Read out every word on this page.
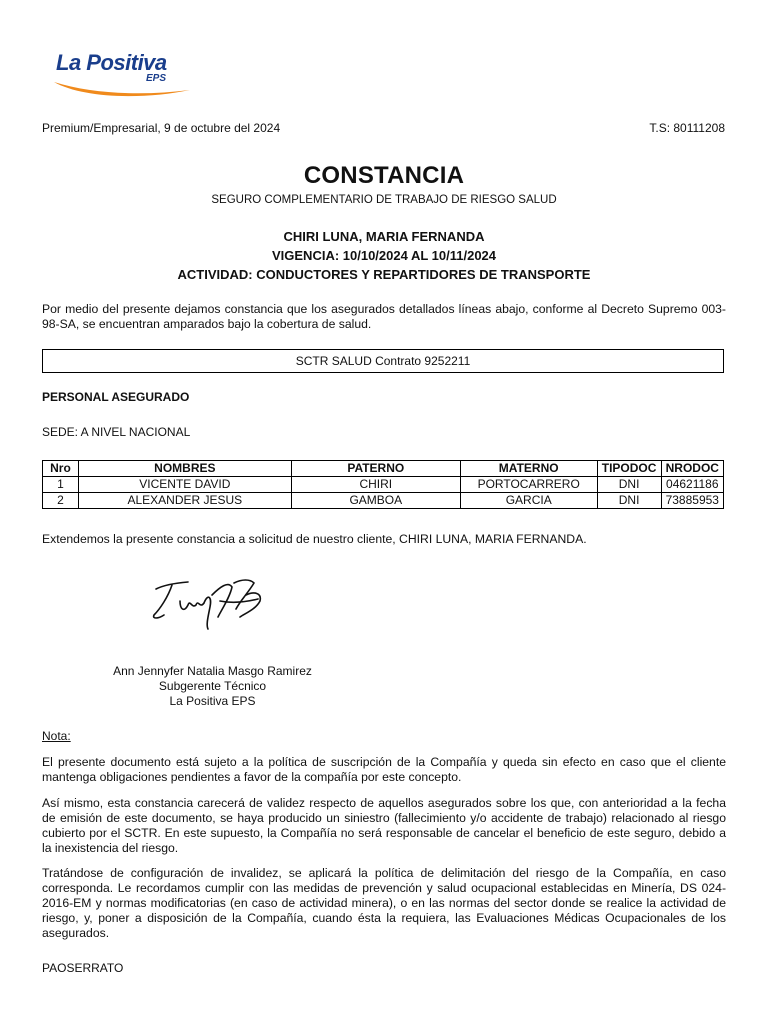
La Positiva
EPS
Premium/Empresarial, 9 de octubre del 2024	T.S: 80111208
CONSTANCIA
SEGURO COMPLEMENTARIO DE TRABAJO DE RIESGO SALUD
CHIRI LUNA, MARIA FERNANDA
VIGENCIA: 10/10/2024 AL 10/11/2024
ACTIVIDAD: CONDUCTORES Y REPARTIDORES DE TRANSPORTE
Por medio del presente dejamos constancia que los asegurados detallados líneas abajo, conforme al Decreto Supremo 003-98-SA, se encuentran amparados bajo la cobertura de salud.
SCTR SALUD Contrato 9252211
PERSONAL ASEGURADO
SEDE: A NIVEL NACIONAL
Nro	NOMBRES	PATERNO	MATERNO	TIPODOC	NRODOC
1	VICENTE DAVID	CHIRI	PORTOCARRERO	DNI	04621186
2	ALEXANDER JESUS	GAMBOA	GARCIA	DNI	73885953
Extendemos la presente constancia a solicitud de nuestro cliente, CHIRI LUNA, MARIA FERNANDA.
Ann Jennyfer Natalia Masgo Ramirez
Subgerente Técnico
La Positiva EPS
Nota:
El presente documento está sujeto a la política de suscripción de la Compañía y queda sin efecto en caso que el cliente mantenga obligaciones pendientes a favor de la compañía por este concepto.
Así mismo, esta constancia carecerá de validez respecto de aquellos asegurados sobre los que, con anterioridad a la fecha de emisión de este documento, se haya producido un siniestro (fallecimiento y/o accidente de trabajo) relacionado al riesgo cubierto por el SCTR. En este supuesto, la Compañía no será responsable de cancelar el beneficio de este seguro, debido a la inexistencia del riesgo.
Tratándose de configuración de invalidez, se aplicará la política de delimitación del riesgo de la Compañía, en caso corresponda. Le recordamos cumplir con las medidas de prevención y salud ocupacional establecidas en Minería, DS 024-2016-EM y normas modificatorias (en caso de actividad minera), o en las normas del sector donde se realice la actividad de riesgo, y, poner a disposición de la Compañía, cuando ésta la requiera, las Evaluaciones Médicas Ocupacionales de los asegurados.
PAOSERRATO
